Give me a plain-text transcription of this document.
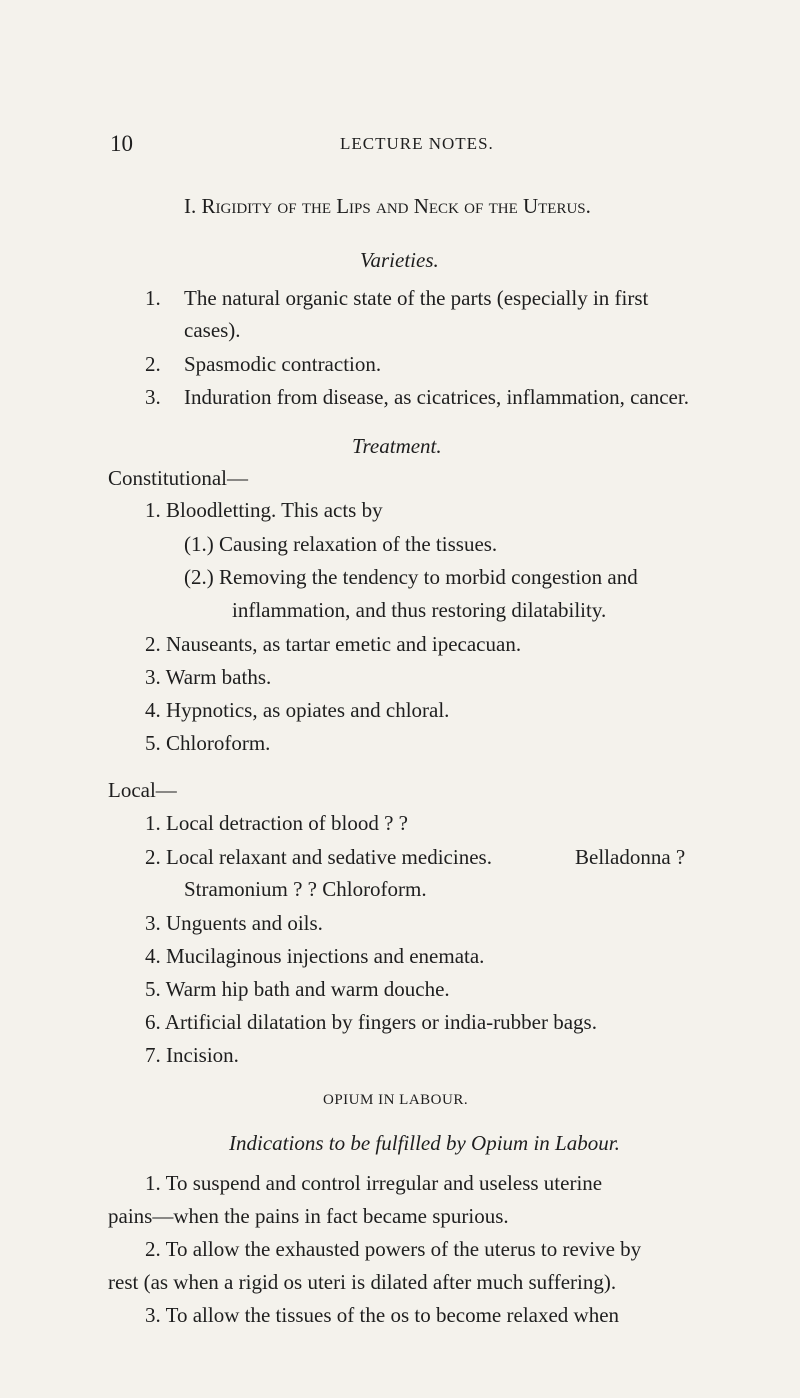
10	LECTURE NOTES.
I. Rigidity of the Lips and Neck of the Uterus.
Varieties.
1. The natural organic state of the parts (especially in first
cases).
2. Spasmodic contraction.
3. Induration from disease, as cicatrices, inflammation, cancer.
Treatment.
Constitutional—
1. Bloodletting. This acts by
(1.) Causing relaxation of the tissues.
(2.) Removing the tendency to morbid congestion and
inflammation, and thus restoring dilatability.
2. Nauseants, as tartar emetic and ipecacuan.
3. Warm baths.
4. Hypnotics, as opiates and chloral.
5. Chloroform.
Local—
1. Local detraction of blood ? ?
2. Local relaxant and sedative medicines.	Belladonna ?
Stramonium ? ? Chloroform.
3. Unguents and oils.
4. Mucilaginous injections and enemata.
5. Warm hip bath and warm douche.
6. Artificial dilatation by fingers or india-rubber bags.
7. Incision.
OPIUM IN LABOUR.
Indications to be fulfilled by Opium in Labour.
1. To suspend and control irregular and useless uterine
pains—when the pains in fact became spurious.
2. To allow the exhausted powers of the uterus to revive by
rest (as when a rigid os uteri is dilated after much suffering).
3. To allow the tissues of the os to become relaxed when
